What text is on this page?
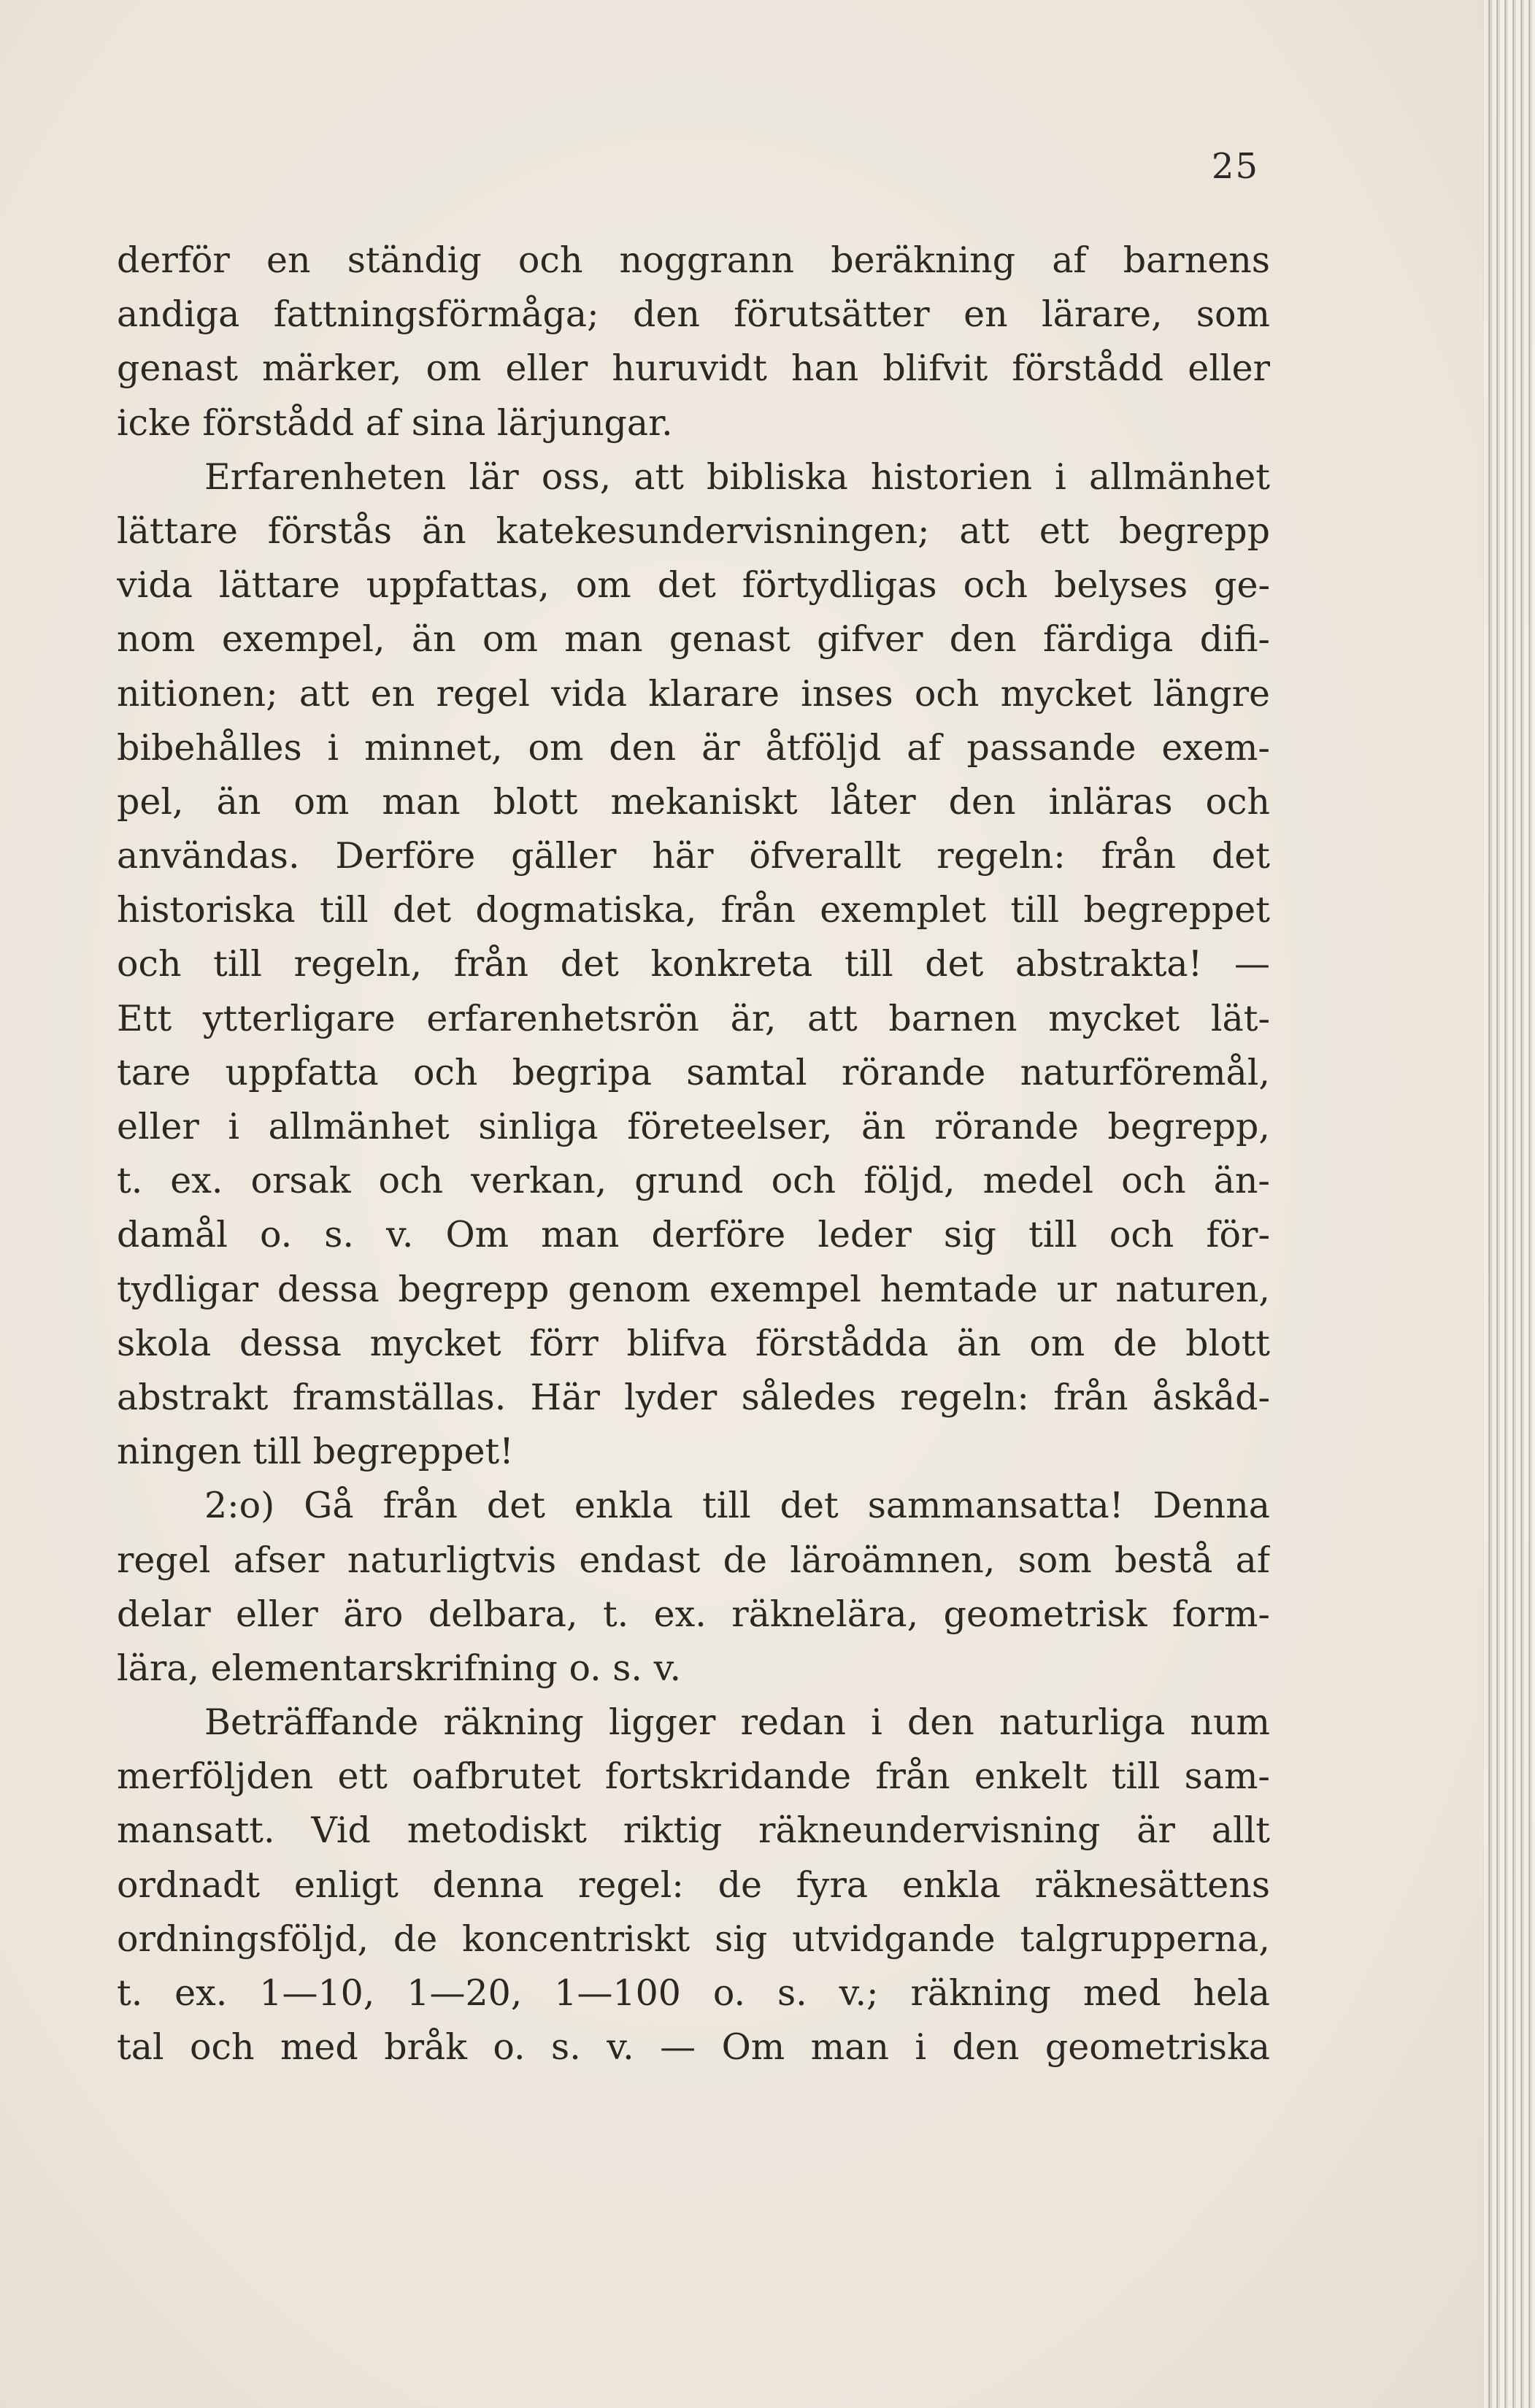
25
derför en ständig och noggrann beräkning af barnens
andiga fattningsförmåga; den förutsätter en lärare, som
genast märker, om eller huruvidt han blifvit förstådd eller
icke förstådd af sina lärjungar.
Erfarenheten lär oss, att bibliska historien i allmänhet
lättare förstås än katekesundervisningen; att ett begrepp
vida lättare uppfattas, om det förtydligas och belyses ge-
nom exempel, än om man genast gifver den färdiga difi-
nitionen; att en regel vida klarare inses och mycket längre
bibehålles i minnet, om den är åtföljd af passande exem-
pel, än om man blott mekaniskt låter den inläras och
användas. Derföre gäller här öfverallt regeln: från det
historiska till det dogmatiska, från exemplet till begreppet
och till regeln, från det konkreta till det abstrakta! —
Ett ytterligare erfarenhetsrön är, att barnen mycket lät-
tare uppfatta och begripa samtal rörande naturföremål,
eller i allmänhet sinliga företeelser, än rörande begrepp,
t. ex. orsak och verkan, grund och följd, medel och än-
damål o. s. v. Om man derföre leder sig till och för-
tydligar dessa begrepp genom exempel hemtade ur naturen,
skola dessa mycket förr blifva förstådda än om de blott
abstrakt framställas. Här lyder således regeln: från åskåd-
ningen till begreppet!
2:o) Gå från det enkla till det sammansatta! Denna
regel afser naturligtvis endast de läroämnen, som bestå af
delar eller äro delbara, t. ex. räknelära, geometrisk form-
lära, elementarskrifning o. s. v.
Beträffande räkning ligger redan i den naturliga num
merföljden ett oafbrutet fortskridande från enkelt till sam-
mansatt. Vid metodiskt riktig räkneundervisning är allt
ordnadt enligt denna regel: de fyra enkla räknesättens
ordningsföljd, de koncentriskt sig utvidgande talgrupperna,
t. ex. 1—10, 1—20, 1—100 o. s. v.; räkning med hela
tal och med bråk o. s. v. — Om man i den geometriska
